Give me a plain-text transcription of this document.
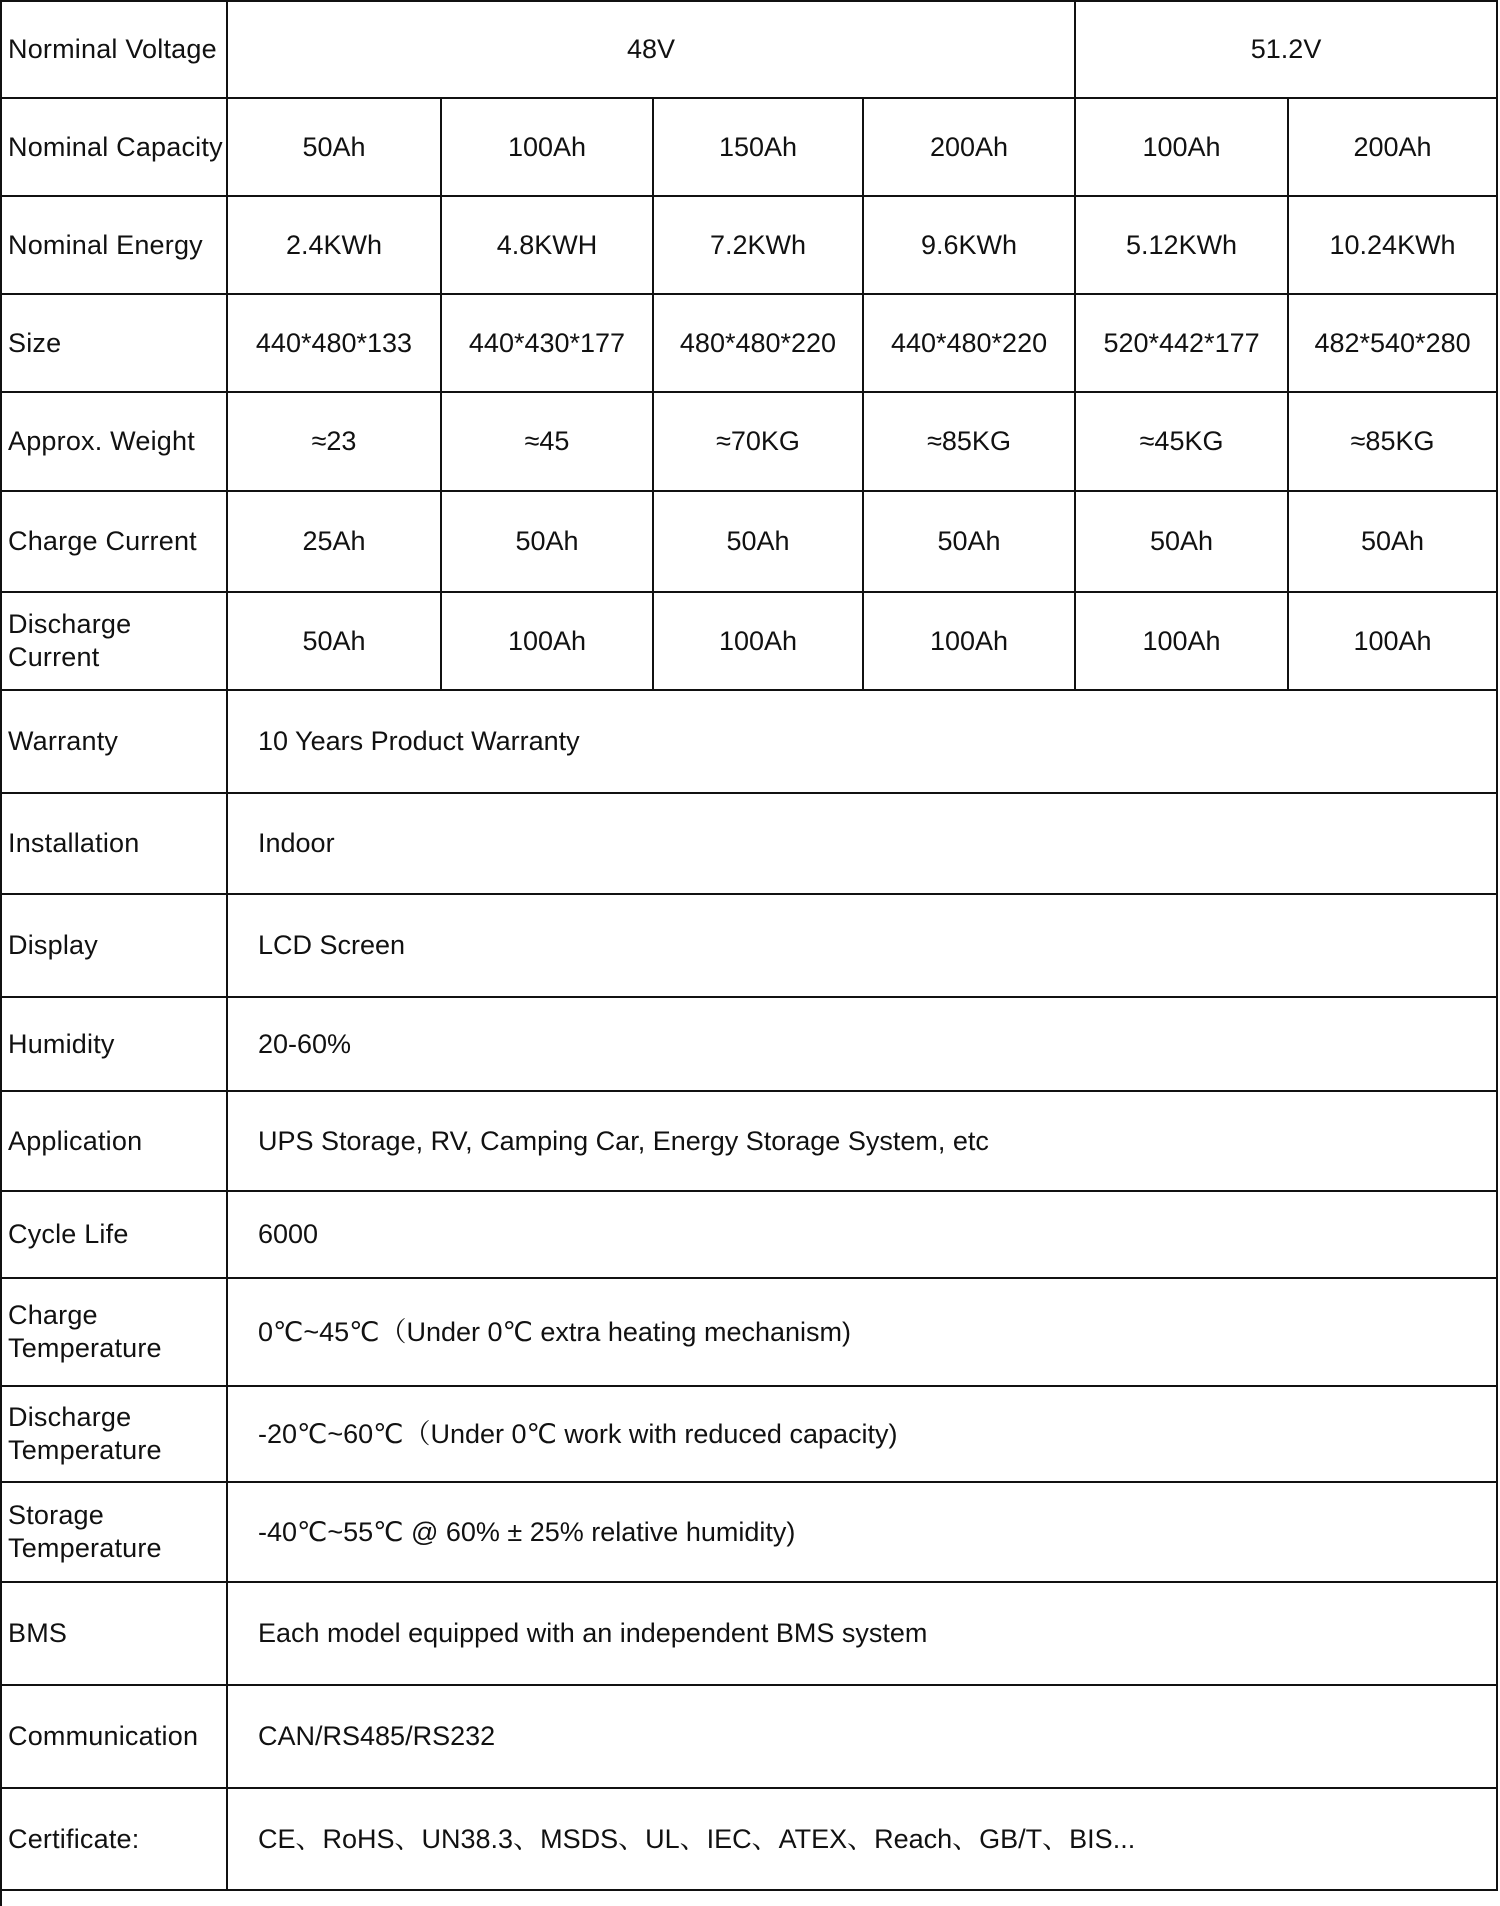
Norminal Voltage	48V				51.2V	
Nominal Capacity	50Ah	100Ah	150Ah	200Ah	100Ah	200Ah
Nominal Energy	2.4KWh	4.8KWH	7.2KWh	9.6KWh	5.12KWh	10.24KWh
Size	440*480*133	440*430*177	480*480*220	440*480*220	520*442*177	482*540*280
Approx. Weight	≈23	≈45	≈70KG	≈85KG	≈45KG	≈85KG
Charge Current	25Ah	50Ah	50Ah	50Ah	50Ah	50Ah
Discharge Current	50Ah	100Ah	100Ah	100Ah	100Ah	100Ah
Warranty	10 Years Product Warranty					
Installation	Indoor					
Display	LCD Screen					
Humidity	20-60%					
Application	UPS Storage, RV, Camping Car, Energy Storage System, etc					
Cycle Life	6000					
Charge Temperature	0℃~45℃（Under 0℃ extra heating mechanism)					
Discharge Temperature	-20℃~60℃（Under 0℃ work with reduced capacity)					
Storage Temperature	-40℃~55℃ @ 60% ± 25% relative humidity)					
BMS	Each model equipped with an independent BMS system					
Communication	CAN/RS485/RS232					
Certificate:	CE、RoHS、UN38.3、MSDS、UL、IEC、ATEX、Reach、GB/T、BIS...					
